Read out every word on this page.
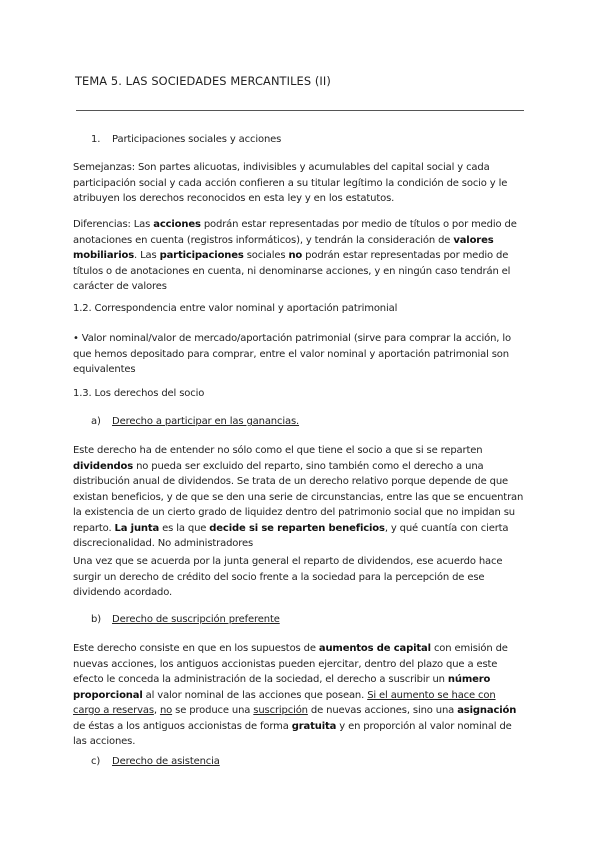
TEMA 5. LAS SOCIEDADES MERCANTILES (II)
1. Participaciones sociales y acciones
Semejanzas: Son partes alicuotas, indivisibles y acumulables del capital social y cada participación social y cada acción confieren a su titular legítimo la condición de socio y le atribuyen los derechos reconocidos en esta ley y en los estatutos.
Diferencias: Las acciones podrán estar representadas por medio de títulos o por medio de anotaciones en cuenta (registros informáticos), y tendrán la consideración de valores mobiliarios. Las participaciones sociales no podrán estar representadas por medio de títulos o de anotaciones en cuenta, ni denominarse acciones, y en ningún caso tendrán el carácter de valores
1.2. Correspondencia entre valor nominal y aportación patrimonial
• Valor nominal/valor de mercado/aportación patrimonial (sirve para comprar la acción, lo que hemos depositado para comprar, entre el valor nominal y aportación patrimonial son equivalentes
1.3. Los derechos del socio
a) Derecho a participar en las ganancias.
Este derecho ha de entender no sólo como el que tiene el socio a que si se reparten dividendos no pueda ser excluido del reparto, sino también como el derecho a una distribución anual de dividendos. Se trata de un derecho relativo porque depende de que existan beneficios, y de que se den una serie de circunstancias, entre las que se encuentran la existencia de un cierto grado de liquidez dentro del patrimonio social que no impidan su reparto. La junta es la que decide si se reparten beneficios, y qué cuantía con cierta discrecionalidad. No administradores
Una vez que se acuerda por la junta general el reparto de dividendos, ese acuerdo hace surgir un derecho de crédito del socio frente a la sociedad para la percepción de ese dividendo acordado.
b) Derecho de suscripción preferente
Este derecho consiste en que en los supuestos de aumentos de capital con emisión de nuevas acciones, los antiguos accionistas pueden ejercitar, dentro del plazo que a este efecto le conceda la administración de la sociedad, el derecho a suscribir un número proporcional al valor nominal de las acciones que posean. Si el aumento se hace con cargo a reservas, no se produce una suscripción de nuevas acciones, sino una asignación de éstas a los antiguos accionistas de forma gratuita y en proporción al valor nominal de las acciones.
c) Derecho de asistencia
